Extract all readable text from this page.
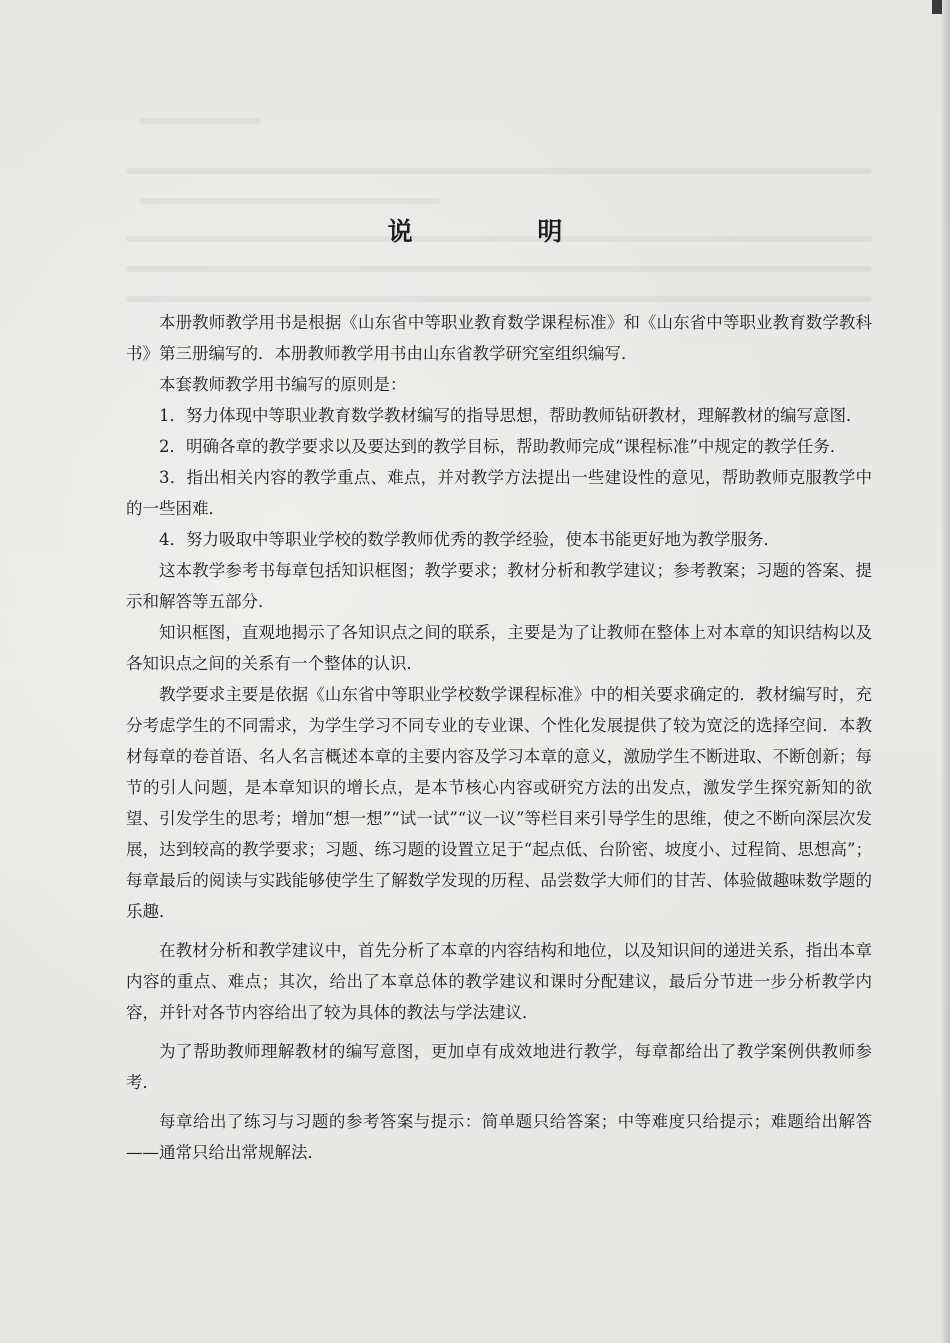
说 明

本册教师教学用书是根据《山东省中等职业教育数学课程标准》和《山东省中等职业教育数学教科书》第三册编写的．本册教师教学用书由山东省教学研究室组织编写．

本套教师教学用书编写的原则是：

1．努力体现中等职业教育数学教材编写的指导思想，帮助教师钻研教材，理解教材的编写意图．

2．明确各章的教学要求以及要达到的教学目标，帮助教师完成“课程标准”中规定的教学任务．

3．指出相关内容的教学重点、难点，并对教学方法提出一些建设性的意见，帮助教师克服教学中的一些困难．

4．努力吸取中等职业学校的数学教师优秀的教学经验，使本书能更好地为教学服务．

这本教学参考书每章包括知识框图；教学要求；教材分析和教学建议；参考教案；习题的答案、提示和解答等五部分．

知识框图，直观地揭示了各知识点之间的联系，主要是为了让教师在整体上对本章的知识结构以及各知识点之间的关系有一个整体的认识．

教学要求主要是依据《山东省中等职业学校数学课程标准》中的相关要求确定的．教材编写时，充分考虑学生的不同需求，为学生学习不同专业的专业课、个性化发展提供了较为宽泛的选择空间．本教材每章的卷首语、名人名言概述本章的主要内容及学习本章的意义，激励学生不断进取、不断创新；每节的引人问题，是本章知识的增长点，是本节核心内容或研究方法的出发点，激发学生探究新知的欲望、引发学生的思考；增加“想一想”“试一试”“议一议”等栏目来引导学生的思维，使之不断向深层次发展，达到较高的教学要求；习题、练习题的设置立足于“起点低、台阶密、坡度小、过程简、思想高”；每章最后的阅读与实践能够使学生了解数学发现的历程、品尝数学大师们的甘苦、体验做趣味数学题的乐趣．

在教材分析和教学建议中，首先分析了本章的内容结构和地位，以及知识间的递进关系，指出本章内容的重点、难点；其次，给出了本章总体的教学建议和课时分配建议，最后分节进一步分析教学内容，并针对各节内容给出了较为具体的教法与学法建议．

为了帮助教师理解教材的编写意图，更加卓有成效地进行教学，每章都给出了教学案例供教师参考．

每章给出了练习与习题的参考答案与提示：简单题只给答案；中等难度只给提示；难题给出解答——通常只给出常规解法．
